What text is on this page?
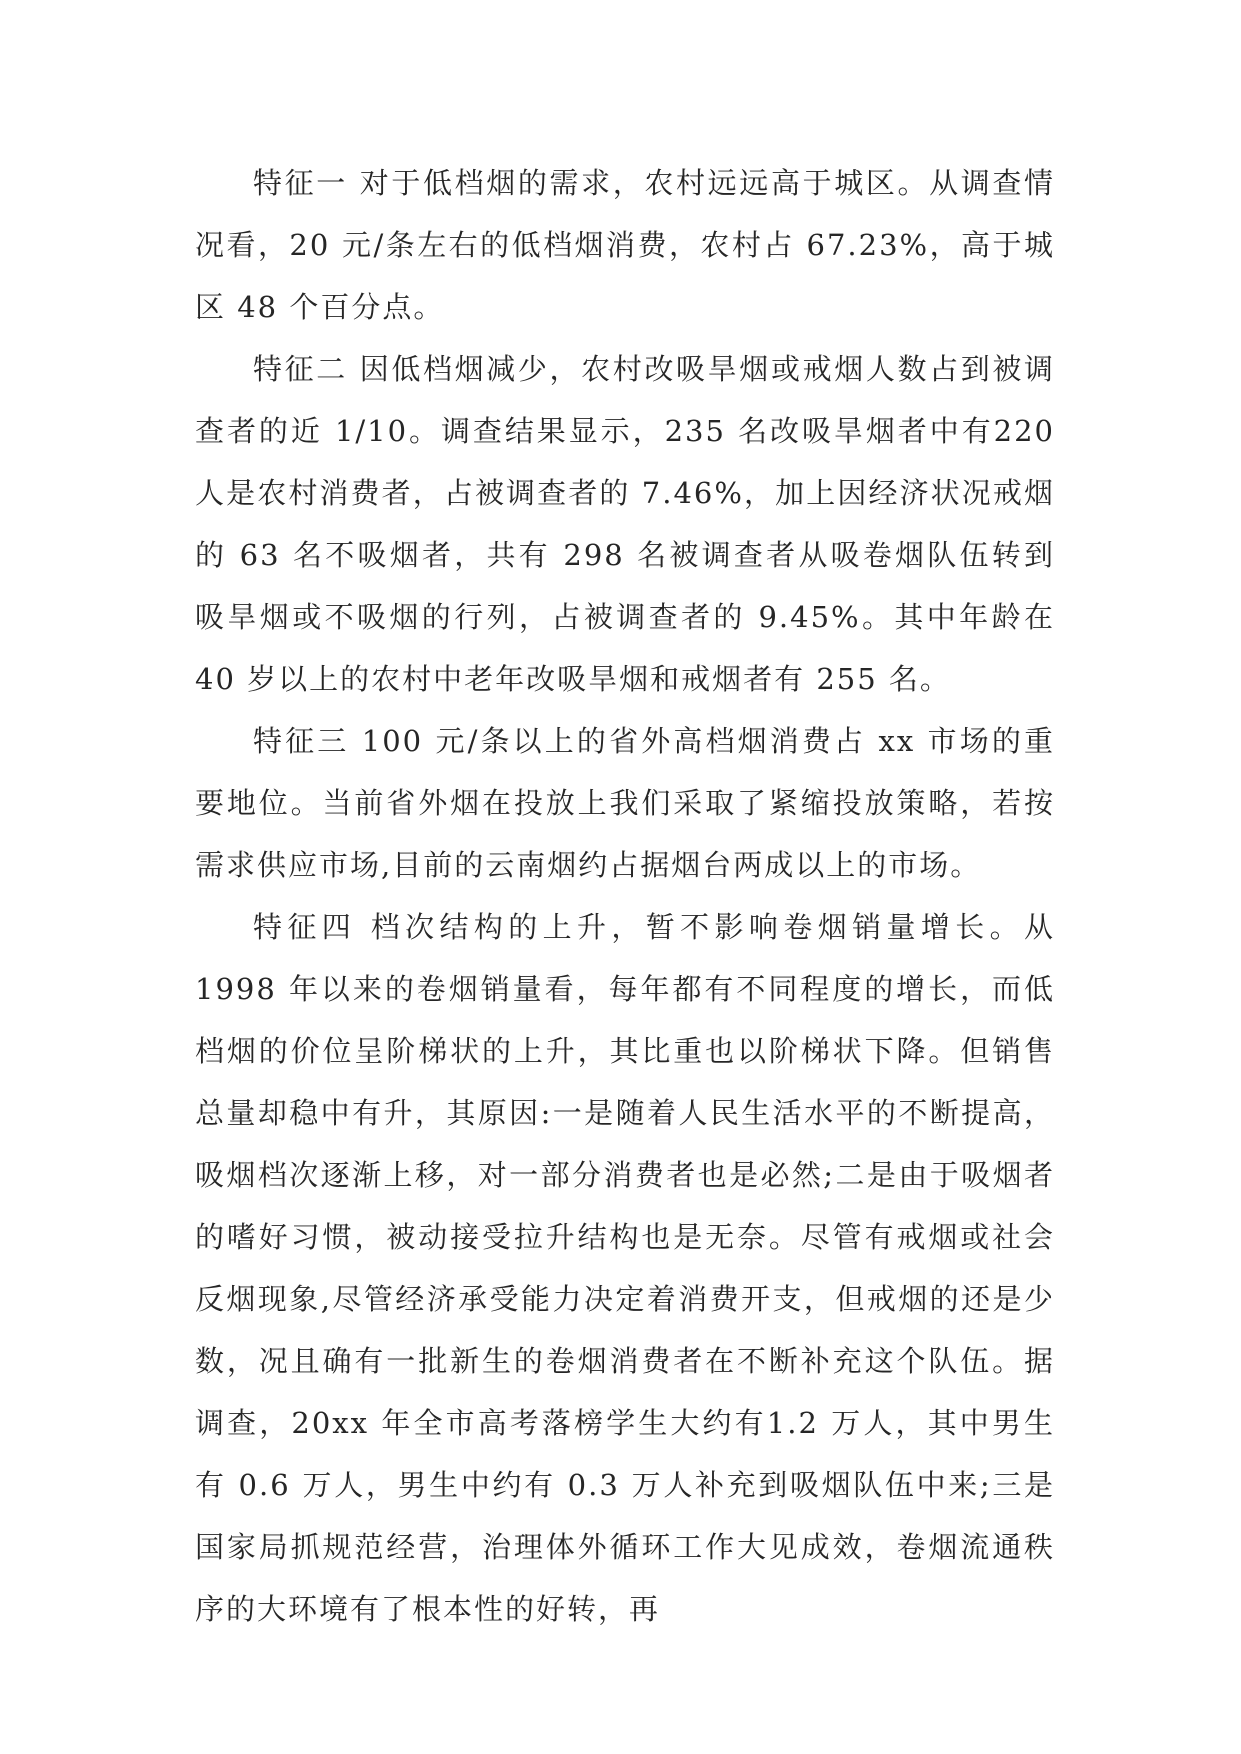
特征一 对于低档烟的需求，农村远远高于城区。从调查情况看，20 元/条左右的低档烟消费，农村占 67.23%，高于城区 48 个百分点。

特征二 因低档烟减少，农村改吸旱烟或戒烟人数占到被调查者的近 1/10。调查结果显示，235 名改吸旱烟者中有220 人是农村消费者，占被调查者的 7.46%，加上因经济状况戒烟的 63 名不吸烟者，共有 298 名被调查者从吸卷烟队伍转到吸旱烟或不吸烟的行列，占被调查者的 9.45%。其中年龄在 40 岁以上的农村中老年改吸旱烟和戒烟者有 255 名。

特征三 100 元/条以上的省外高档烟消费占 xx 市场的重要地位。当前省外烟在投放上我们采取了紧缩投放策略，若按需求供应市场,目前的云南烟约占据烟台两成以上的市场。

特征四 档次结构的上升，暂不影响卷烟销量增长。从1998 年以来的卷烟销量看，每年都有不同程度的增长，而低档烟的价位呈阶梯状的上升，其比重也以阶梯状下降。但销售总量却稳中有升，其原因:一是随着人民生活水平的不断提高，吸烟档次逐渐上移，对一部分消费者也是必然;二是由于吸烟者的嗜好习惯，被动接受拉升结构也是无奈。尽管有戒烟或社会反烟现象,尽管经济承受能力决定着消费开支，但戒烟的还是少数，况且确有一批新生的卷烟消费者在不断补充这个队伍。据调查，20xx 年全市高考落榜学生大约有1.2 万人，其中男生有 0.6 万人，男生中约有 0.3 万人补充到吸烟队伍中来;三是国家局抓规范经营，治理体外循环工作大见成效，卷烟流通秩序的大环境有了根本性的好转，再
